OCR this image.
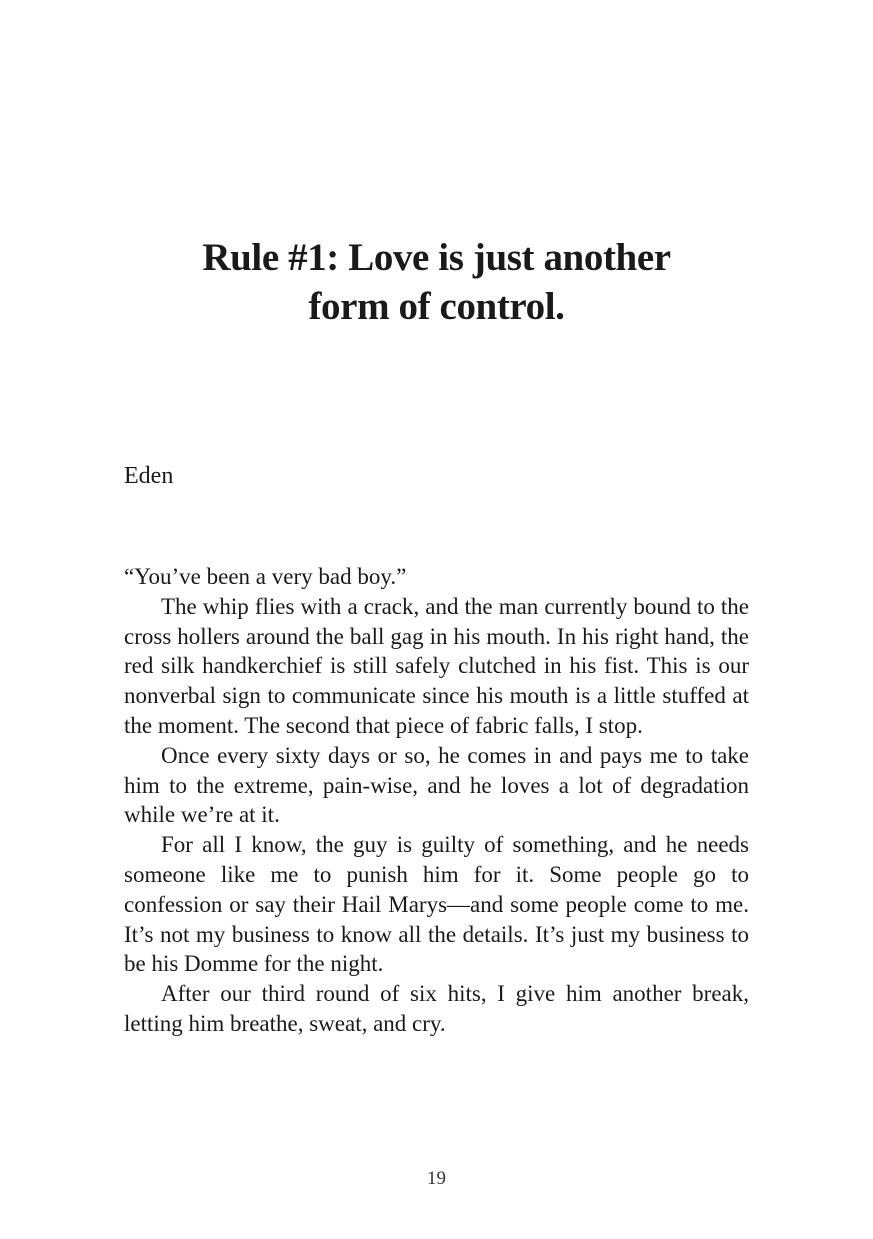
Rule #1: Love is just another
form of control.

Eden

“You’ve been a very bad boy.”

The whip flies with a crack, and the man currently bound to the cross hollers around the ball gag in his mouth. In his right hand, the red silk handkerchief is still safely clutched in his fist. This is our nonverbal sign to communicate since his mouth is a little stuffed at the moment. The second that piece of fabric falls, I stop.

Once every sixty days or so, he comes in and pays me to take him to the extreme, pain-wise, and he loves a lot of degradation while we’re at it.

For all I know, the guy is guilty of something, and he needs someone like me to punish him for it. Some people go to confession or say their Hail Marys—and some people come to me. It’s not my business to know all the details. It’s just my business to be his Domme for the night.

After our third round of six hits, I give him another break, letting him breathe, sweat, and cry.

19
